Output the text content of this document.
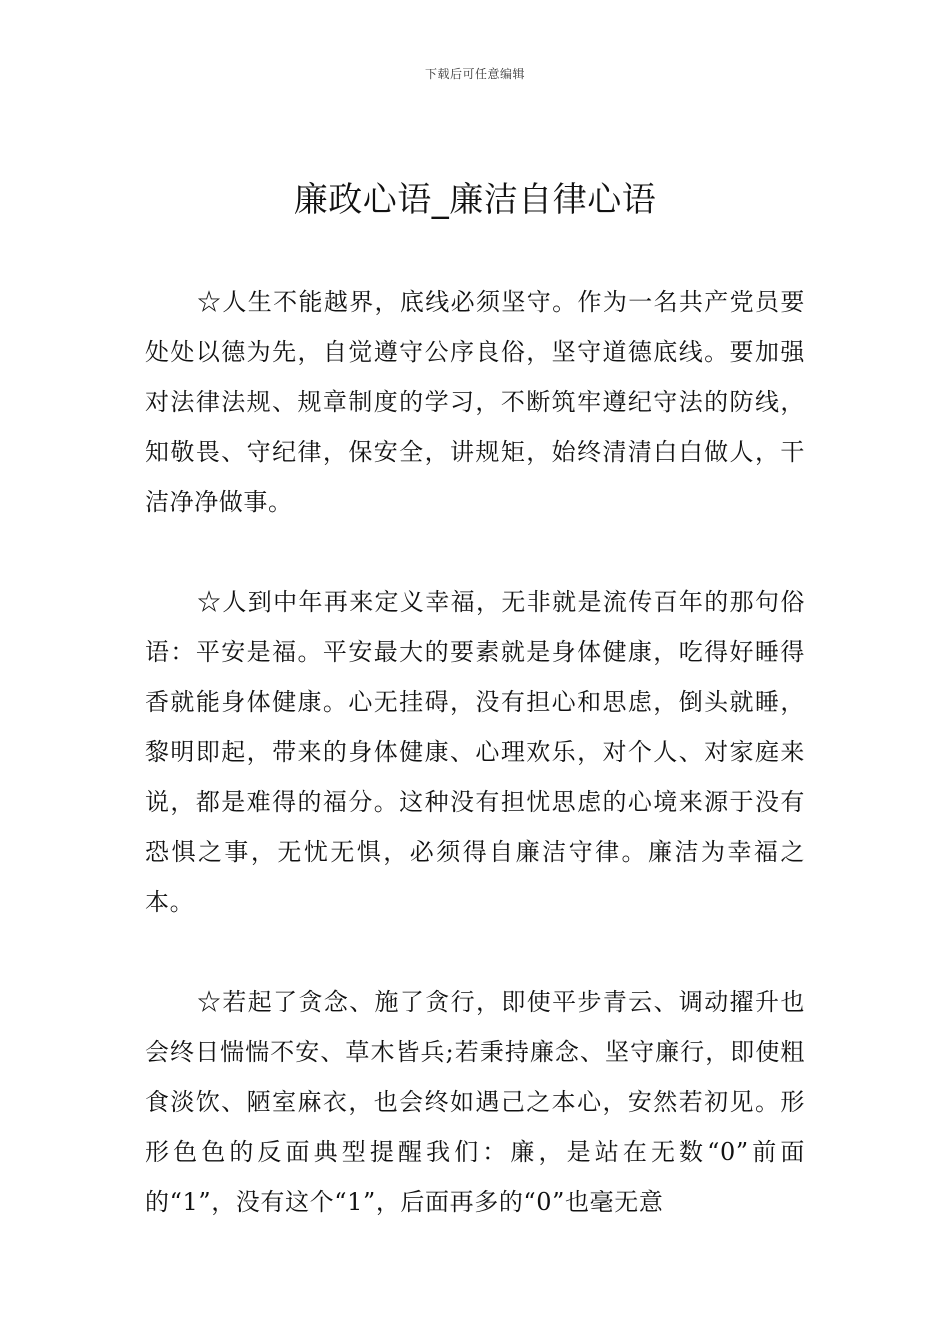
下载后可任意编辑
廉政心语_廉洁自律心语

☆人生不能越界，底线必须坚守。作为一名共产党员要处处以德为先，自觉遵守公序良俗，坚守道德底线。要加强对法律法规、规章制度的学习，不断筑牢遵纪守法的防线，知敬畏、守纪律，保安全，讲规矩，始终清清白白做人，干洁净净做事。

☆人到中年再来定义幸福，无非就是流传百年的那句俗语：平安是福。平安最大的要素就是身体健康，吃得好睡得香就能身体健康。心无挂碍，没有担心和思虑，倒头就睡，黎明即起，带来的身体健康、心理欢乐，对个人、对家庭来说，都是难得的福分。这种没有担忧思虑的心境来源于没有恐惧之事，无忧无惧，必须得自廉洁守律。廉洁为幸福之本。

☆若起了贪念、施了贪行，即使平步青云、调动擢升也会终日惴惴不安、草木皆兵;若秉持廉念、坚守廉行，即使粗食淡饮、陋室麻衣，也会终如遇己之本心，安然若初见。形形色色的反面典型提醒我们：廉，是站在无数“0”前面的“1”，没有这个“1”，后面再多的“0”也毫无意
